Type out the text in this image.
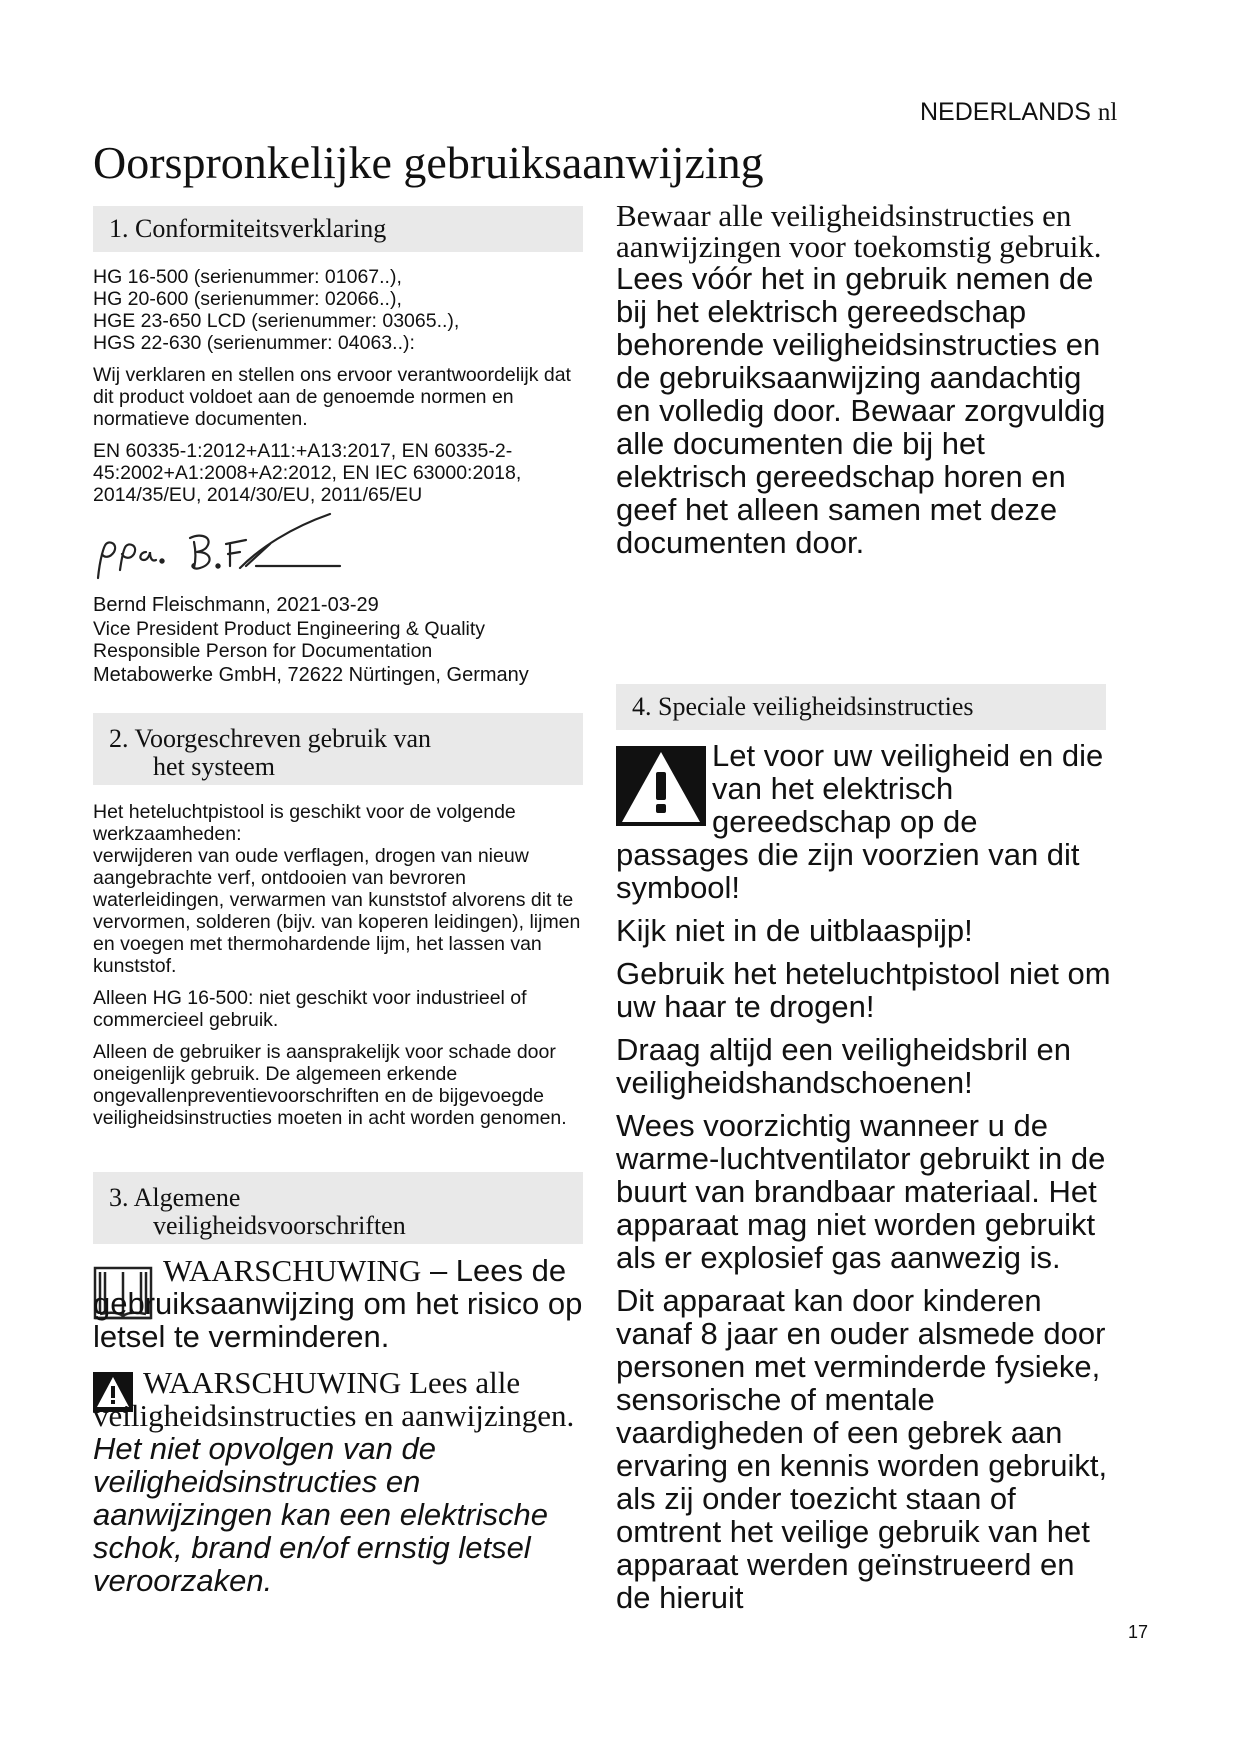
NEDERLANDS nl
Oorspronkelijke gebruiksaanwijzing
1. Conformiteitsverklaring

HG 16-500 (serienummer: 01067..),

HG 20-600 (serienummer: 02066..),

HGE 23-650 LCD (serienummer: 03065..),

HGS 22-630 (serienummer: 04063..):

Wij verklaren en stellen ons ervoor verantwoordelijk dat dit product voldoet aan de genoemde normen en normatieve documenten.

EN 60335-1:2012+A11:+A13:2017, EN 60335-2-45:2002+A1:2008+A2:2012, EN IEC 63000:2018, 2014/35/EU, 2014/30/EU, 2011/65/EU

Bernd Fleischmann, 2021-03-29

Vice President Product Engineering & Quality

Responsible Person for Documentation

Metabowerke GmbH, 72622 Nürtingen, Germany

2. Voorgeschreven gebruik van
het systeem

Het heteluchtpistool is geschikt voor de volgende werkzaamheden:

verwijderen van oude verflagen, drogen van nieuw aangebrachte verf, ontdooien van bevroren waterleidingen, verwarmen van kunststof alvorens dit te vervormen, solderen (bijv. van koperen leidingen), lijmen en voegen met thermohardende lijm, het lassen van kunststof.

Alleen HG 16-500: niet geschikt voor industrieel of commercieel gebruik.

Alleen de gebruiker is aansprakelijk voor schade door oneigenlijk gebruik. De algemeen erkende ongevallenpreventievoorschriften en de bijgevoegde veiligheidsinstructies moeten in acht worden genomen.

3. Algemene
veiligheidsvoorschriften
WAARSCHUWING – Lees de gebruiksaanwijzing om het risico op letsel te verminderen.
WAARSCHUWING Lees alle veiligheidsinstructies en aanwijzingen. Het niet opvolgen van de veiligheidsinstructies en aanwijzingen kan een elektrische schok, brand en/of ernstig letsel veroorzaken.

Bewaar alle veiligheidsinstructies en aanwijzingen voor toekomstig gebruik.

Lees vóór het in gebruik nemen de bij het elektrisch gereedschap behorende veiligheidsinstructies en de gebruiksaanwijzing aandachtig en volledig door. Bewaar zorgvuldig alle documenten die bij het elektrisch gereedschap horen en geef het alleen samen met deze documenten door.

4. Speciale veiligheidsinstructies

Let voor uw veiligheid en die van het elektrisch gereedschap op de passages die zijn voorzien van dit symbool!

Kijk niet in de uitblaaspijp!

Gebruik het heteluchtpistool niet om uw haar te drogen!

Draag altijd een veiligheidsbril en veiligheidshandschoenen!

Wees voorzichtig wanneer u de warme-luchtventilator gebruikt in de buurt van brandbaar materiaal. Het apparaat mag niet worden gebruikt als er explosief gas aanwezig is.

Dit apparaat kan door kinderen vanaf 8 jaar en ouder alsmede door personen met verminderde fysieke, sensorische of mentale vaardigheden of een gebrek aan ervaring en kennis worden gebruikt, als zij onder toezicht staan of omtrent het veilige gebruik van het apparaat werden geïnstrueerd en de hieruit

17
